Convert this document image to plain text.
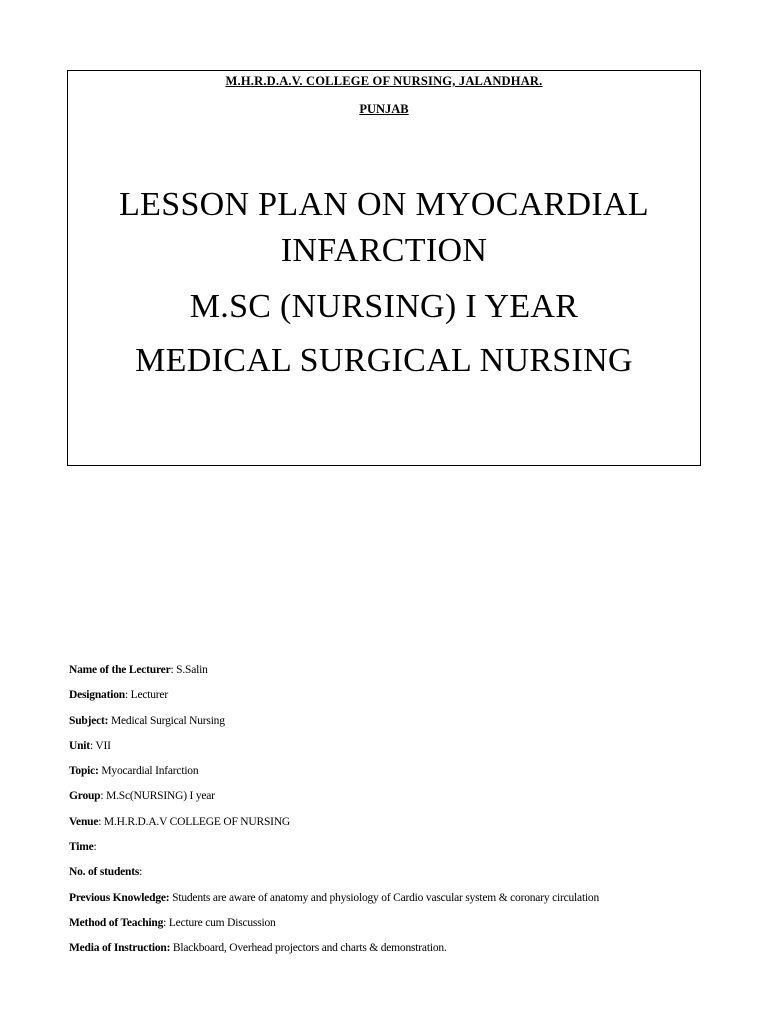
M.H.R.D.A.V. COLLEGE OF NURSING, JALANDHAR.
PUNJAB
LESSON PLAN ON MYOCARDIAL
INFARCTION
M.SC (NURSING) I YEAR
MEDICAL SURGICAL NURSING
Name of the Lecturer: S.Salin
Designation: Lecturer
Subject: Medical Surgical Nursing
Unit: VII
Topic: Myocardial Infarction
Group: M.Sc(NURSING) I year
Venue: M.H.R.D.A.V COLLEGE OF NURSING
Time:
No. of students:
Previous Knowledge: Students are aware of anatomy and physiology of Cardio vascular system & coronary circulation
Method of Teaching: Lecture cum Discussion
Media of Instruction: Blackboard, Overhead projectors and charts & demonstration.
